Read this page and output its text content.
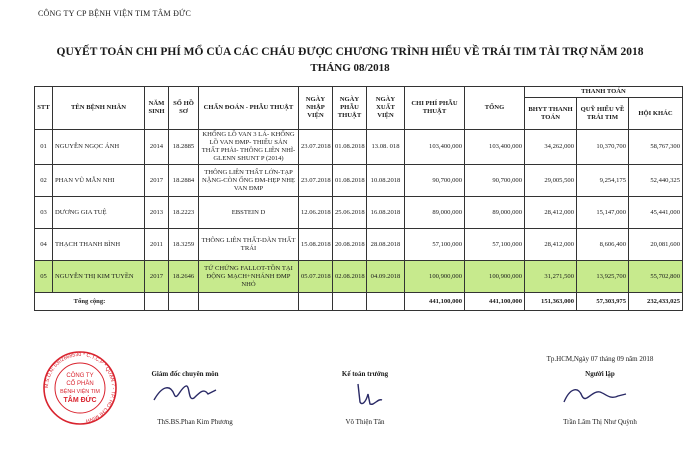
CÔNG TY CP BỆNH VIỆN TIM TÂM ĐỨC
QUYẾT TOÁN CHI PHÍ MỔ CỦA CÁC CHÁU ĐƯỢC CHƯƠNG TRÌNH HIỂU VỀ TRÁI TIM TÀI TRỢ NĂM 2018
THÁNG 08/2018
STT	TÊN BỆNH NHÂN	NĂM SINH	SỐ HỒ SƠ	CHẨN ĐOÁN - PHẪU THUẬT	NGÀY NHẬP VIỆN	NGÀY PHẪU THUẬT	NGÀY XUẤT VIỆN	CHI PHÍ PHẪU THUẬT	TỔNG	THANH TOÁN		
										BHYT THANH TOÁN	QUỸ HIỂU VỀ TRÁI TIM	HỘI KHÁC
01	NGUYỄN NGỌC ÁNH	2014	18.2885	KHỐNG LỒ VAN 3 LÁ- KHỐNG LỒ VAN ĐMP- THIỂU SẢN THẤT PHẢI- THÔNG LIÊN NHĨ-GLENN SHUNT P (2014)	23.07.2018	01.08.2018	13.08. 018	103,400,000	103,400,000	34,262,000	10,370,700	58,767,300
02	PHAN VŨ MẪN NHI	2017	18.2884	THÔNG LIÊN THẤT LỚN-TẠP NẶNG-CÒN ỐNG ĐM-HẸP NHẸ VAN ĐMP	23.07.2018	01.08.2018	10.08.2018	90,700,000	90,700,000	29,005,500	9,254,175	52,440,325
03	DƯƠNG GIA TUỆ	2013	18.2223	EBSTEIN D	12.06.2018	25.06.2018	16.08.2018	89,000,000	89,000,000	28,412,000	15,147,000	45,441,000
04	THẠCH THANH BÌNH	2011	18.3259	THÔNG LIÊN THẤT-DÃN THẤT TRÁI	15.08.2018	20.08.2018	28.08.2018	57,100,000	57,100,000	28,412,000	8,606,400	20,081,600
05	NGUYỄN THỊ KIM TUYỀN	2017	18.2646	TỨ CHỨNG FALLOT-TỒN TẠI ĐỘNG MẠCH+NHÁNH ĐMP NHỎ	05.07.2018	02.08.2018	04.09.2018	100,900,000	100,900,000	31,271,500	13,925,700	55,702,800
Tổng cộng:								441,100,000	441,100,000	151,363,000	57,303,975	232,433,025
Giám đốc chuyên môn
ThS.BS.Phan Kim Phương
Kế toán trưởng
Võ Thiện Tân
Tp.HCM,Ngày 07 tháng 09 năm 2018
Người lập
Trần Lâm Thị Như Quỳnh
M.S.D.N: 0302668530 * C.T.C.P * QUẬN 7 - TP. HỒ CHÍ MINH
CÔNG TY
CỔ PHẦN
BỆNH VIỆN TIM
TÂM ĐỨC
